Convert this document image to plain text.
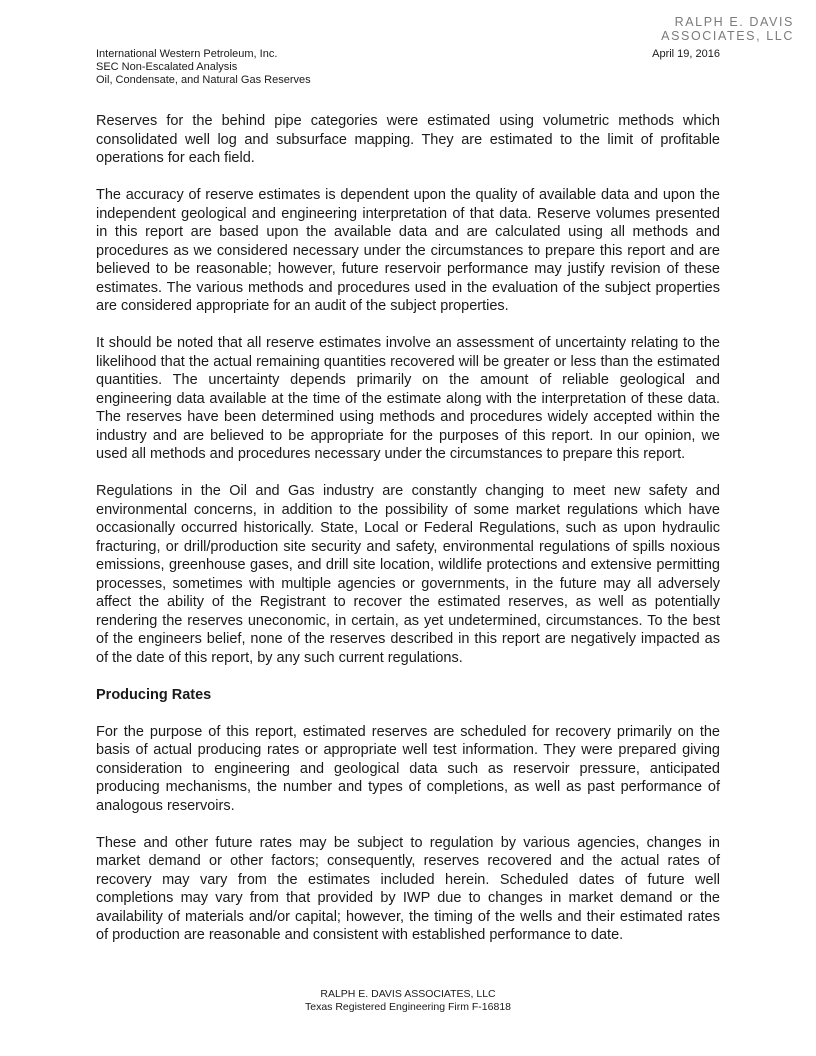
RALPH E. DAVIS
ASSOCIATES, LLC
International Western Petroleum, Inc.
SEC Non-Escalated Analysis
Oil, Condensate, and Natural Gas Reserves
April 19, 2016

Reserves for the behind pipe categories were estimated using volumetric methods which consolidated well log and subsurface mapping. They are estimated to the limit of profitable operations for each field.

The accuracy of reserve estimates is dependent upon the quality of available data and upon the independent geological and engineering interpretation of that data. Reserve volumes presented in this report are based upon the available data and are calculated using all methods and procedures as we considered necessary under the circumstances to prepare this report and are believed to be reasonable; however, future reservoir performance may justify revision of these estimates. The various methods and procedures used in the evaluation of the subject properties are considered appropriate for an audit of the subject properties.

It should be noted that all reserve estimates involve an assessment of uncertainty relating to the likelihood that the actual remaining quantities recovered will be greater or less than the estimated quantities. The uncertainty depends primarily on the amount of reliable geological and engineering data available at the time of the estimate along with the interpretation of these data. The reserves have been determined using methods and procedures widely accepted within the industry and are believed to be appropriate for the purposes of this report. In our opinion, we used all methods and procedures necessary under the circumstances to prepare this report.

Regulations in the Oil and Gas industry are constantly changing to meet new safety and environmental concerns, in addition to the possibility of some market regulations which have occasionally occurred historically. State, Local or Federal Regulations, such as upon hydraulic fracturing, or drill/production site security and safety, environmental regulations of spills noxious emissions, greenhouse gases, and drill site location, wildlife protections and extensive permitting processes, sometimes with multiple agencies or governments, in the future may all adversely affect the ability of the Registrant to recover the estimated reserves, as well as potentially rendering the reserves uneconomic, in certain, as yet undetermined, circumstances. To the best of the engineers belief, none of the reserves described in this report are negatively impacted as of the date of this report, by any such current regulations.

Producing Rates

For the purpose of this report, estimated reserves are scheduled for recovery primarily on the basis of actual producing rates or appropriate well test information. They were prepared giving consideration to engineering and geological data such as reservoir pressure, anticipated producing mechanisms, the number and types of completions, as well as past performance of analogous reservoirs.

These and other future rates may be subject to regulation by various agencies, changes in market demand or other factors; consequently, reserves recovered and the actual rates of recovery may vary from the estimates included herein. Scheduled dates of future well completions may vary from that provided by IWP due to changes in market demand or the availability of materials and/or capital; however, the timing of the wells and their estimated rates of production are reasonable and consistent with established performance to date.

RALPH E. DAVIS ASSOCIATES, LLC
Texas Registered Engineering Firm F-16818
